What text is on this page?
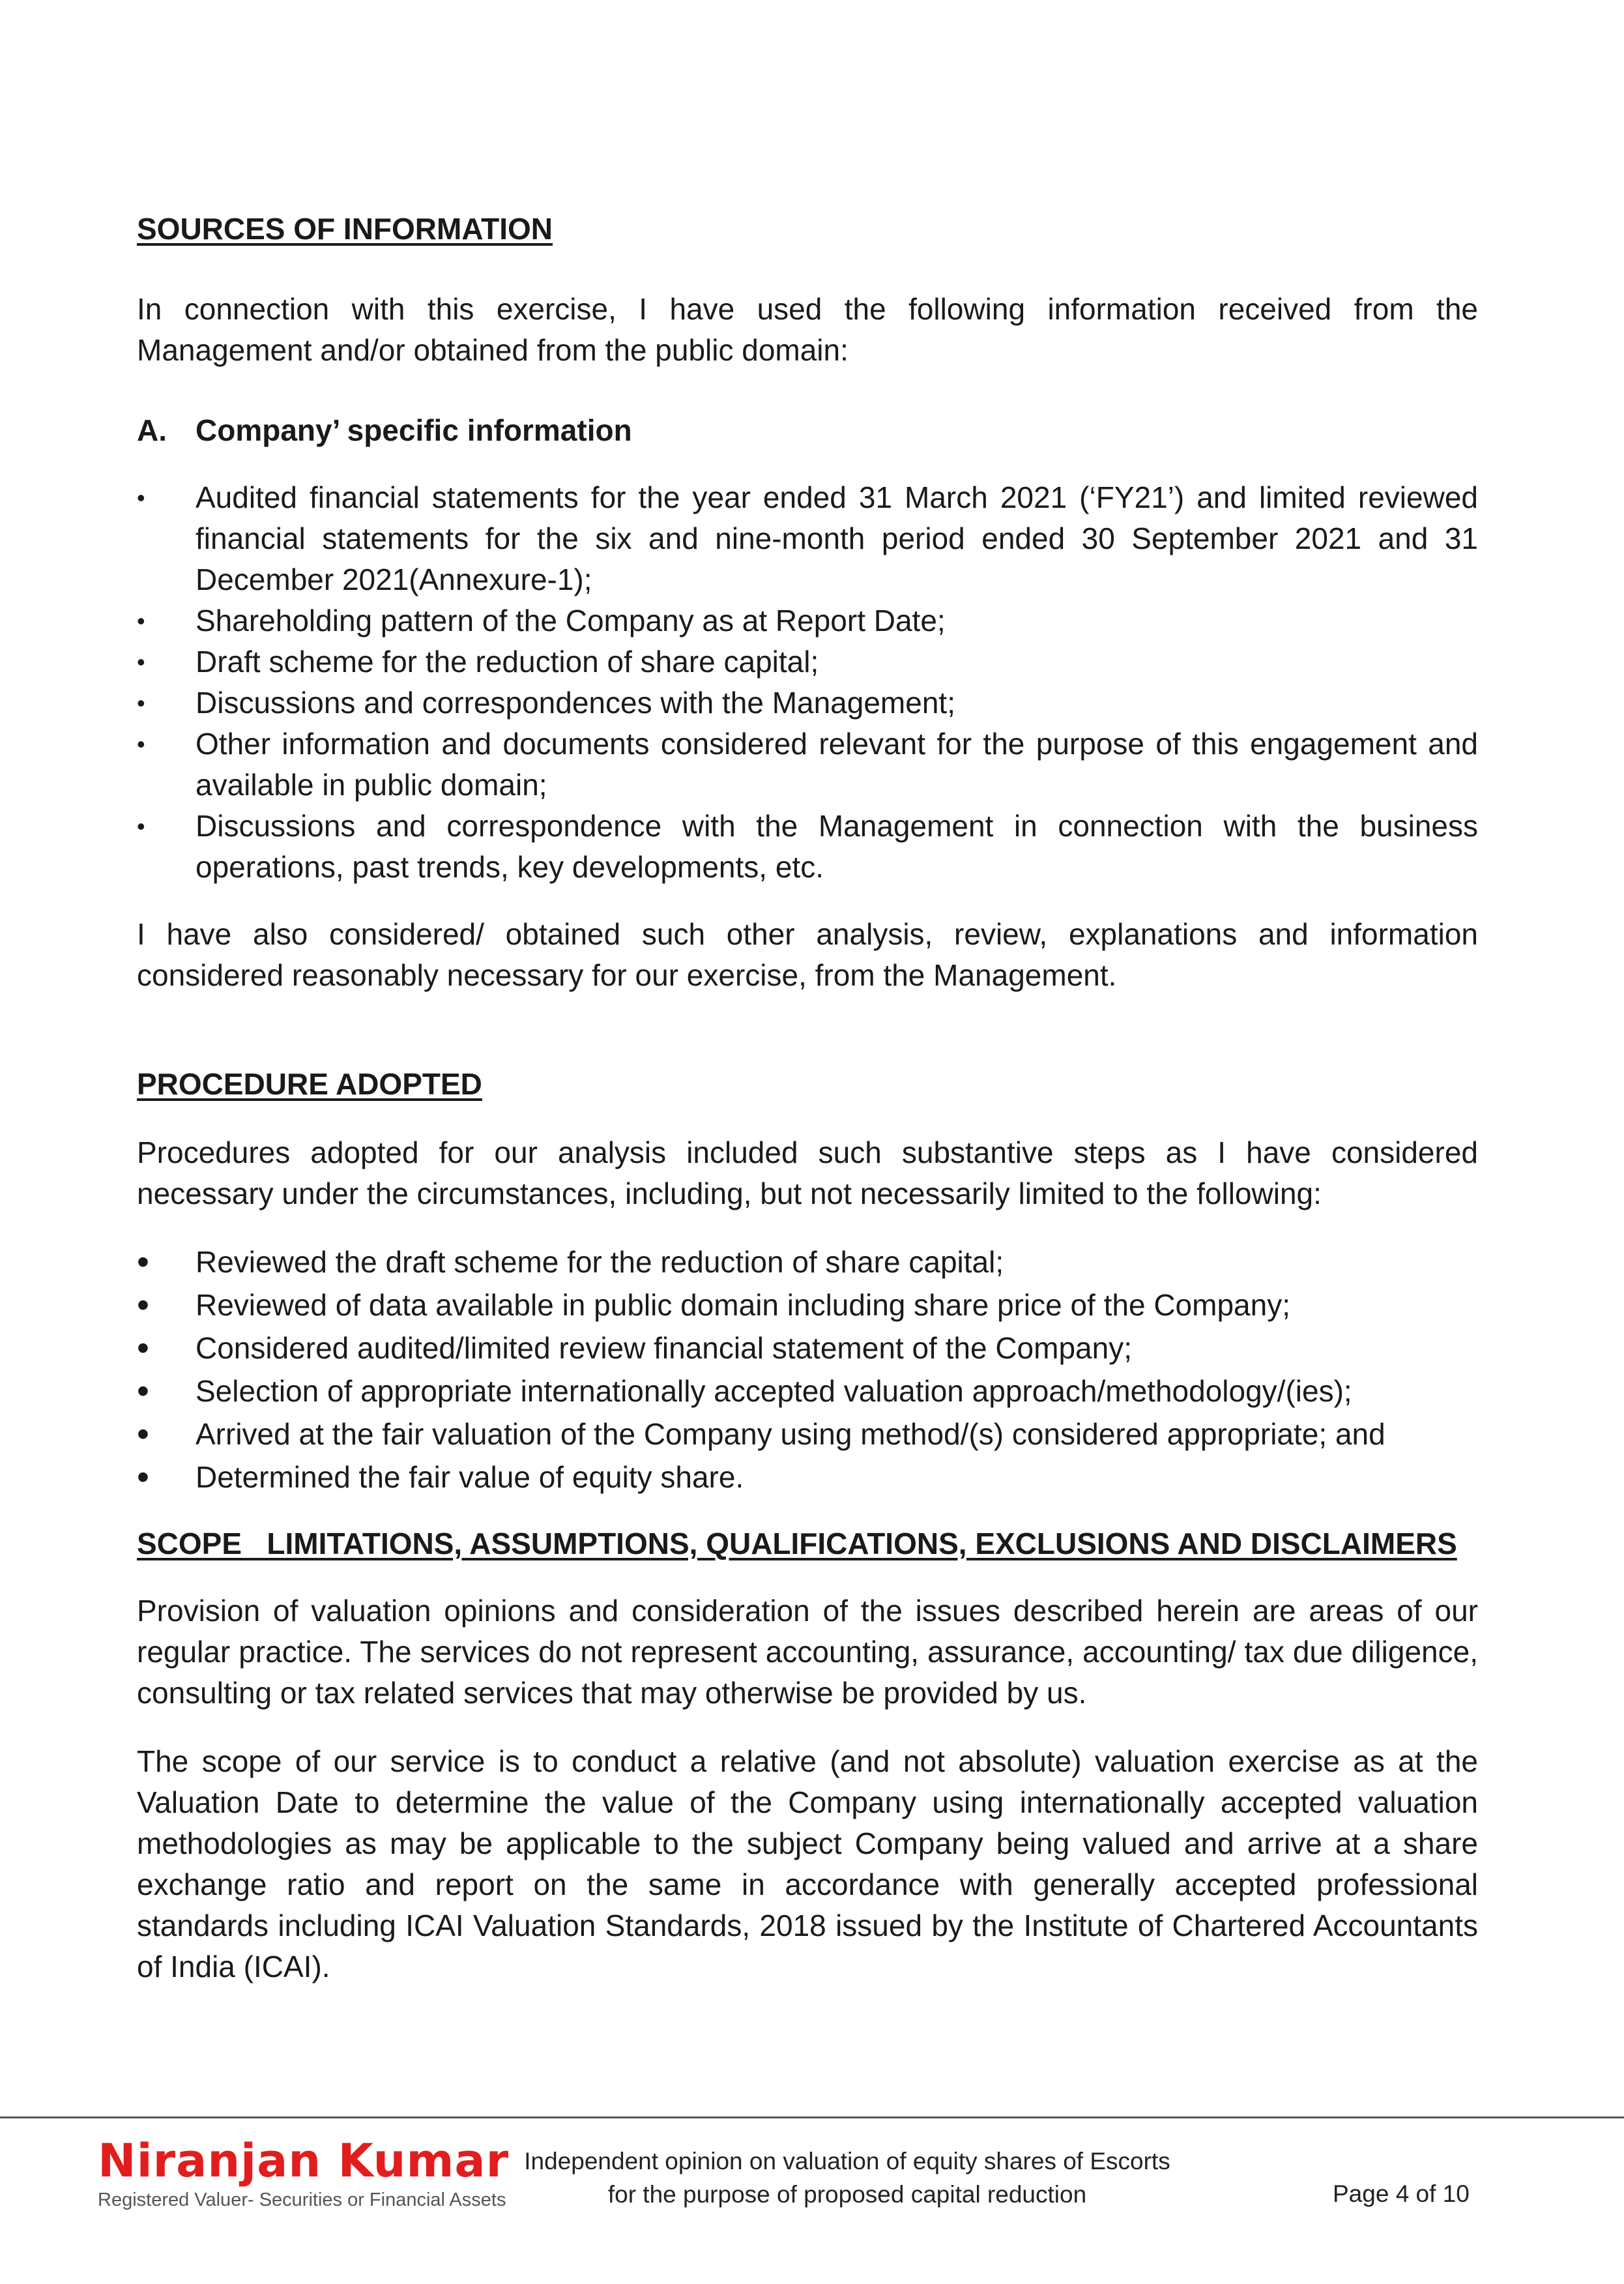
SOURCES OF INFORMATION

In connection with this exercise, I have used the following information received from the Management and/or obtained from the public domain:

A. Company’ specific information

•	Audited financial statements for the year ended 31 March 2021 (‘FY21’) and limited reviewed financial statements for the six and nine-month period ended 30 September 2021 and 31 December 2021(Annexure-1);
•	Shareholding pattern of the Company as at Report Date;
•	Draft scheme for the reduction of share capital;
•	Discussions and correspondences with the Management;
•	Other information and documents considered relevant for the purpose of this engagement and available in public domain;
•	Discussions and correspondence with the Management in connection with the business operations, past trends, key developments, etc.

I have also considered/ obtained such other analysis, review, explanations and information considered reasonably necessary for our exercise, from the Management.

PROCEDURE ADOPTED

Procedures adopted for our analysis included such substantive steps as I have considered necessary under the circumstances, including, but not necessarily limited to the following:

•	Reviewed the draft scheme for the reduction of share capital;
•	Reviewed of data available in public domain including share price of the Company;
•	Considered audited/limited review financial statement of the Company;
•	Selection of appropriate internationally accepted valuation approach/methodology/(ies);
•	Arrived at the fair valuation of the Company using method/(s) considered appropriate; and
•	Determined the fair value of equity share.

SCOPE   LIMITATIONS, ASSUMPTIONS, QUALIFICATIONS, EXCLUSIONS AND DISCLAIMERS

Provision of valuation opinions and consideration of the issues described herein are areas of our regular practice. The services do not represent accounting, assurance, accounting/ tax due diligence, consulting or tax related services that may otherwise be provided by us.

The scope of our service is to conduct a relative (and not absolute) valuation exercise as at the Valuation Date to determine the value of the Company using internationally accepted valuation methodologies as may be applicable to the subject Company being valued and arrive at a share exchange ratio and report on the same in accordance with generally accepted professional standards including ICAI Valuation Standards, 2018 issued by the Institute of Chartered Accountants of India (ICAI).

Niranjan Kumar
Registered Valuer- Securities or Financial Assets
Independent opinion on valuation of equity shares of Escorts
for the purpose of proposed capital reduction	Page 4 of 10
